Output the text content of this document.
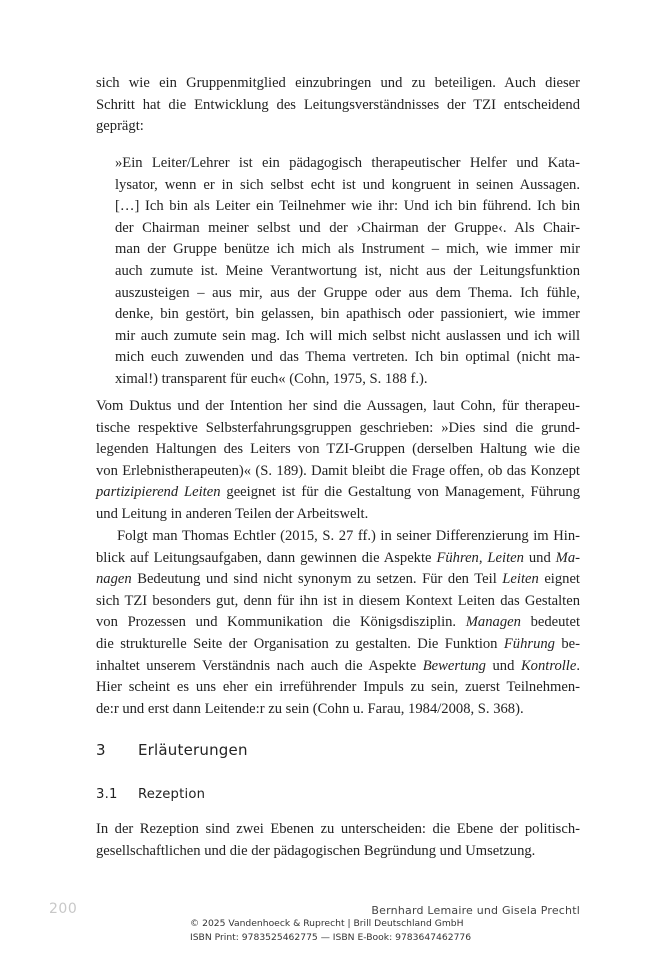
sich wie ein Gruppenmitglied einzubringen und zu beteiligen. Auch dieser
Schritt hat die Entwicklung des Leitungsverständnisses der TZI entscheidend
geprägt:
»Ein Leiter/Lehrer ist ein pädagogisch therapeutischer Helfer und Kata-
lysator, wenn er in sich selbst echt ist und kongruent in seinen Aussagen.
[…] Ich bin als Leiter ein Teilnehmer wie ihr: Und ich bin führend. Ich bin
der Chairman meiner selbst und der ›Chairman der Gruppe‹. Als Chair-
man der Gruppe benütze ich mich als Instrument – mich, wie immer mir
auch zumute ist. Meine Verantwortung ist, nicht aus der Leitungsfunktion
auszusteigen – aus mir, aus der Gruppe oder aus dem Thema. Ich fühle,
denke, bin gestört, bin gelassen, bin apathisch oder passioniert, wie immer
mir auch zumute sein mag. Ich will mich selbst nicht auslassen und ich will
mich euch zuwenden und das Thema vertreten. Ich bin optimal (nicht ma-
ximal!) transparent für euch« (Cohn, 1975, S. 188 f.).
Vom Duktus und der Intention her sind die Aussagen, laut Cohn, für therapeu-
tische respektive Selbsterfahrungsgruppen geschrieben: »Dies sind die grund-
legenden Haltungen des Leiters von TZI-Gruppen (derselben Haltung wie die
von Erlebnistherapeuten)« (S. 189). Damit bleibt die Frage offen, ob das Konzept
partizipierend Leiten geeignet ist für die Gestaltung von Management, Führung
und Leitung in anderen Teilen der Arbeitswelt.
Folgt man Thomas Echtler (2015, S. 27 ff.) in seiner Differenzierung im Hin-
blick auf Leitungsaufgaben, dann gewinnen die Aspekte Führen, Leiten und Ma-
nagen Bedeutung und sind nicht synonym zu setzen. Für den Teil Leiten eignet
sich TZI besonders gut, denn für ihn ist in diesem Kontext Leiten das Gestalten
von Prozessen und Kommunikation die Königsdisziplin. Managen bedeutet
die strukturelle Seite der Organisation zu gestalten. Die Funktion Führung be-
inhaltet unserem Verständnis nach auch die Aspekte Bewertung und Kontrolle.
Hier scheint es uns eher ein irreführender Impuls zu sein, zuerst Teilnehmen-
de:r und erst dann Leitende:r zu sein (Cohn u. Farau, 1984/2008, S. 368).
3 Erläuterungen
3.1 Rezeption
In der Rezeption sind zwei Ebenen zu unterscheiden: die Ebene der politisch-
gesellschaftlichen und die der pädagogischen Begründung und Umsetzung.
200	Bernhard Lemaire und Gisela Prechtl
© 2025 Vandenhoeck & Ruprecht | Brill Deutschland GmbH
ISBN Print: 9783525462775 — ISBN E-Book: 9783647462776
